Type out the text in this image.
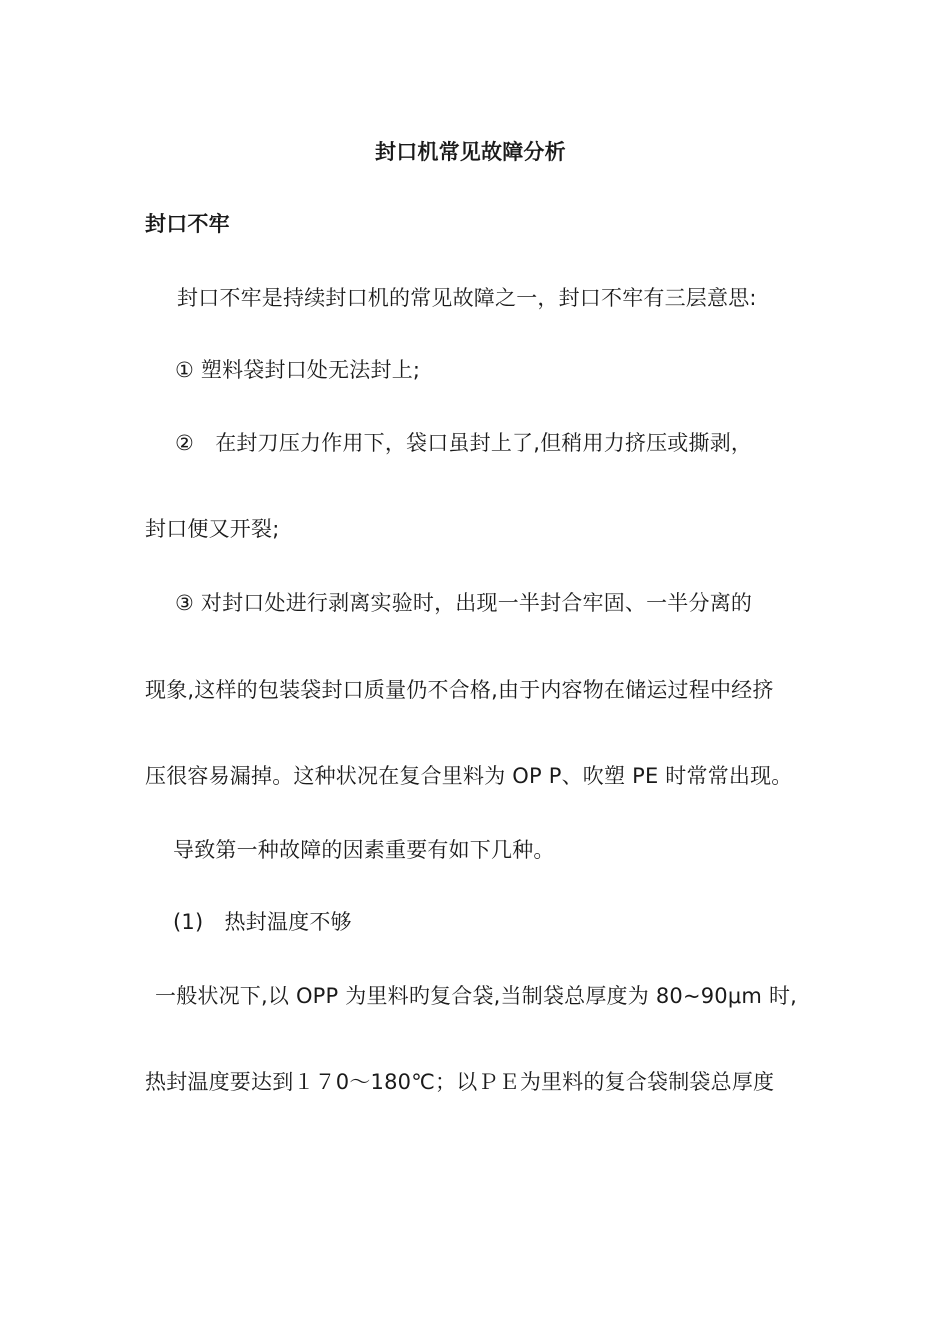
封口机常见故障分析
封口不牢
封口不牢是持续封口机的常见故障之一，封口不牢有三层意思:
① 塑料袋封口处无法封上;
②　在封刀压力作用下，袋口虽封上了,但稍用力挤压或撕剥，
封口便又开裂;
③ 对封口处进行剥离实验时，出现一半封合牢固、一半分离的
现象,这样的包装袋封口质量仍不合格,由于内容物在储运过程中经挤
压很容易漏掉。这种状况在复合里料为 OP P、吹塑 PE 时常常出现。
导致第一种故障的因素重要有如下几种。
(1)　热封温度不够
一般状况下,以 OPP 为里料旳复合袋,当制袋总厚度为 80~90μm 时,
热封温度要达到１７0～180℃；以ＰＥ为里料的复合袋制袋总厚度
